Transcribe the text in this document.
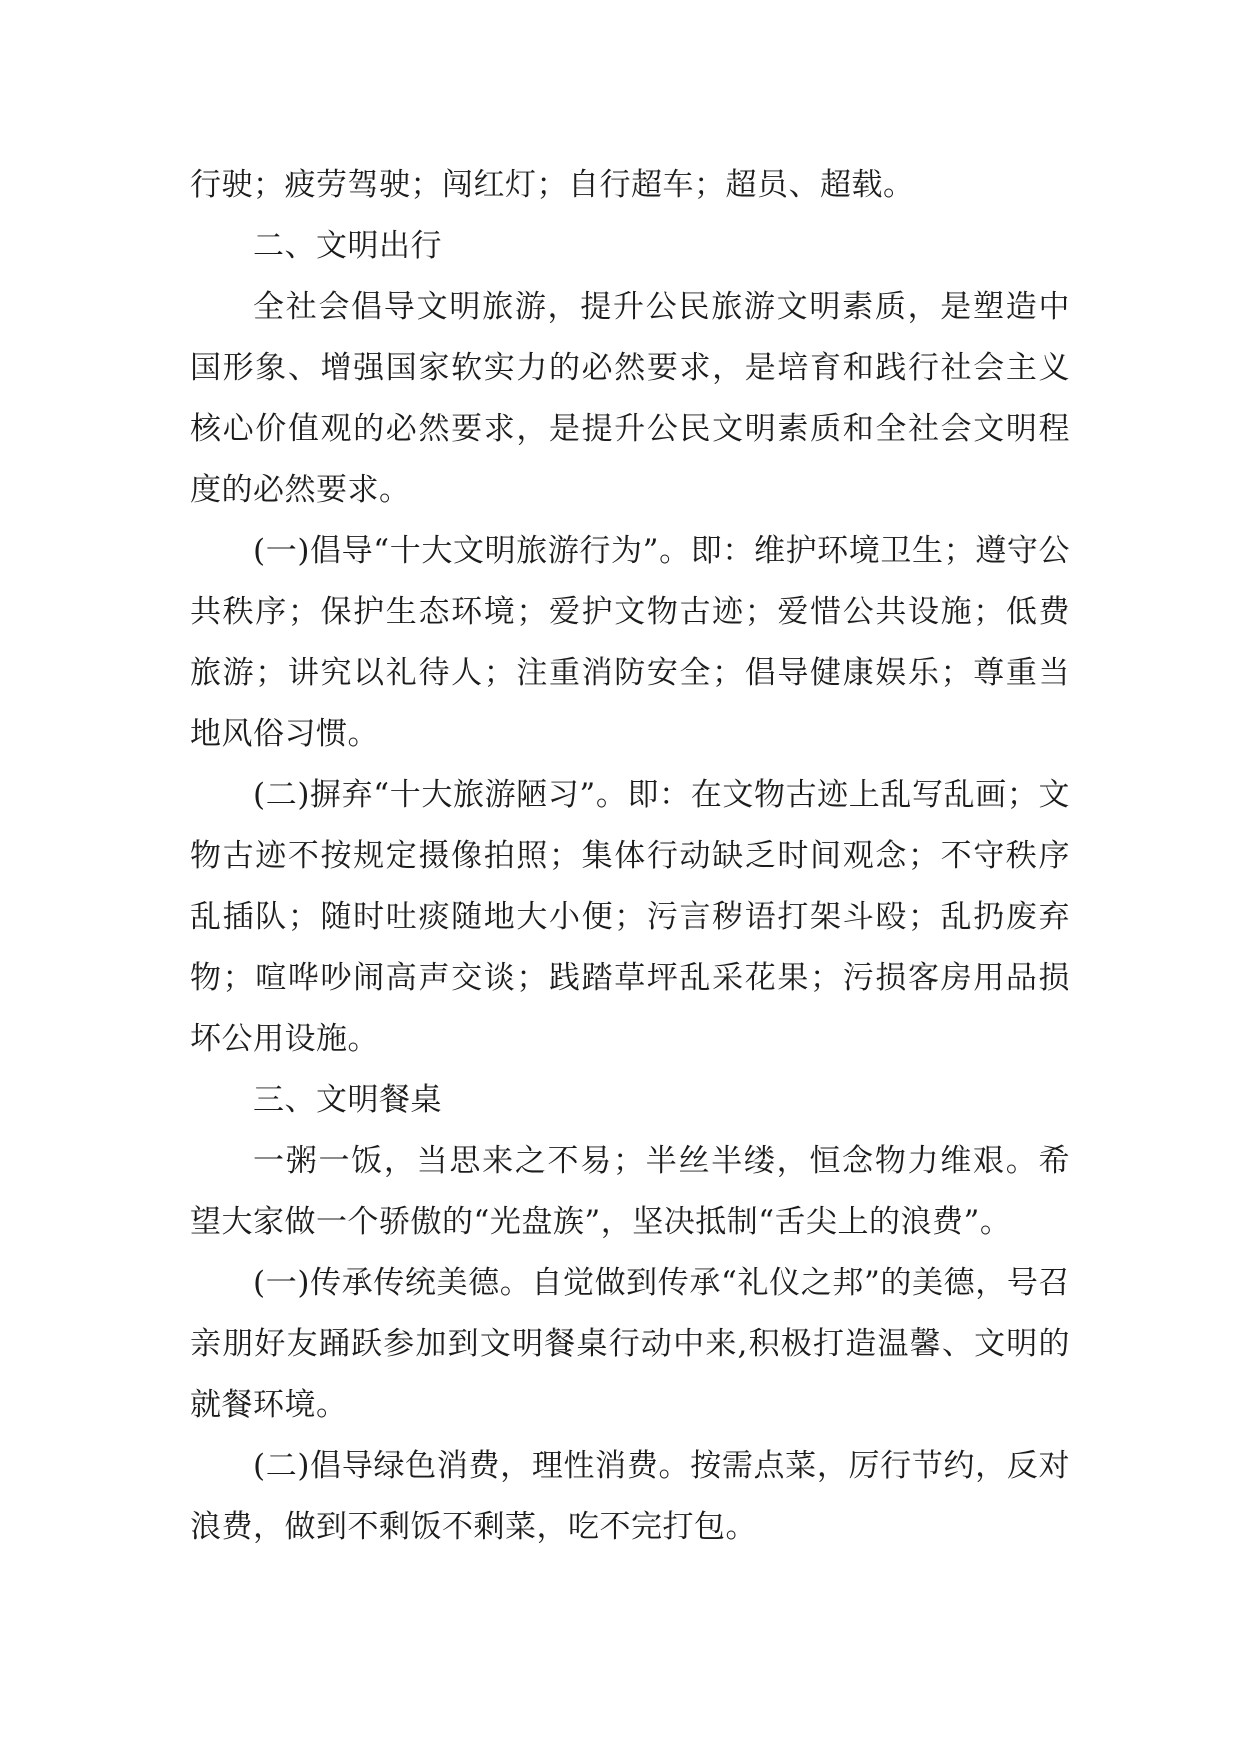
行驶；疲劳驾驶；闯红灯；自行超车；超员、超载。

二、文明出行

全社会倡导文明旅游，提升公民旅游文明素质，是塑造中国形象、增强国家软实力的必然要求，是培育和践行社会主义核心价值观的必然要求，是提升公民文明素质和全社会文明程度的必然要求。

(一)倡导“十大文明旅游行为”。即：维护环境卫生；遵守公共秩序；保护生态环境；爱护文物古迹；爱惜公共设施；低费旅游；讲究以礼待人；注重消防安全；倡导健康娱乐；尊重当地风俗习惯。

(二)摒弃“十大旅游陋习”。即：在文物古迹上乱写乱画；文物古迹不按规定摄像拍照；集体行动缺乏时间观念；不守秩序乱插队；随时吐痰随地大小便；污言秽语打架斗殴；乱扔废弃物；喧哗吵闹高声交谈；践踏草坪乱采花果；污损客房用品损坏公用设施。

三、文明餐桌

一粥一饭，当思来之不易；半丝半缕，恒念物力维艰。希望大家做一个骄傲的“光盘族”，坚决抵制“舌尖上的浪费”。

(一)传承传统美德。自觉做到传承“礼仪之邦”的美德，号召亲朋好友踊跃参加到文明餐桌行动中来,积极打造温馨、文明的就餐环境。

(二)倡导绿色消费，理性消费。按需点菜，厉行节约，反对浪费，做到不剩饭不剩菜，吃不完打包。
